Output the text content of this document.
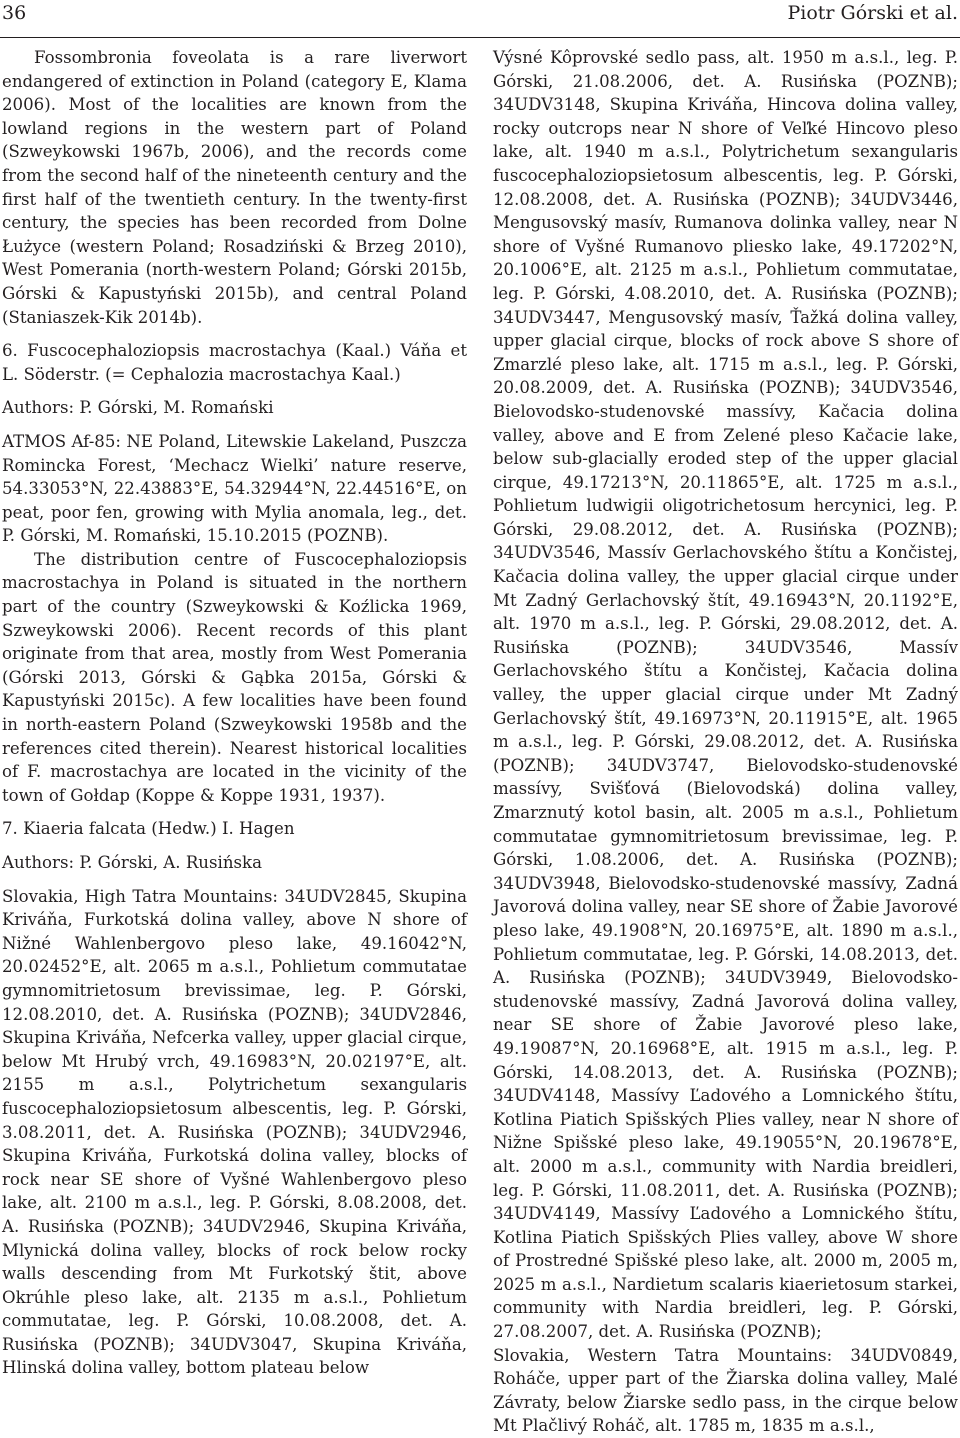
36	Piotr Górski et al.

Fossombronia foveolata is a rare liverwort endangered of extinction in Poland (category E, Klama 2006). Most of the localities are known from the lowland regions in the western part of Poland (Szweykowski 1967b, 2006), and the records come from the second half of the nineteenth century and the first half of the twentieth century. In the twenty-first century, the species has been recorded from Dolne Łużyce (western Poland; Rosadziński & Brzeg 2010), West Pomerania (north-western Poland; Górski 2015b, Górski & Kapustyński 2015b), and central Poland (Staniaszek-Kik 2014b).

6. Fuscocephaloziopsis macrostachya (Kaal.) Váňa et L. Söderstr. (= Cephalozia macrostachya Kaal.)

Authors: P. Górski, M. Romański

ATMOS Af-85: NE Poland, Litewskie Lakeland, Puszcza Romincka Forest, ‘Mechacz Wielki’ nature reserve, 54.33053°N, 22.43883°E, 54.32944°N, 22.44516°E, on peat, poor fen, growing with Mylia anomala, leg., det. P. Górski, M. Romański, 15.10.2015 (POZNB).

The distribution centre of Fuscocephaloziopsis macrostachya in Poland is situated in the northern part of the country (Szweykowski & Koźlicka 1969, Szweykowski 2006). Recent records of this plant originate from that area, mostly from West Pomerania (Górski 2013, Górski & Gąbka 2015a, Górski & Kapustyński 2015c). A few localities have been found in north-eastern Poland (Szweykowski 1958b and the references cited therein). Nearest historical localities of F. macrostachya are located in the vicinity of the town of Gołdap (Koppe & Koppe 1931, 1937).

7. Kiaeria falcata (Hedw.) I. Hagen

Authors: P. Górski, A. Rusińska

Slovakia, High Tatra Mountains: 34UDV2845, Skupina Kriváňa, Furkotská dolina valley, above N shore of Nižné Wahlenbergovo pleso lake, 49.16042°N, 20.02452°E, alt. 2065 m a.s.l., Pohlietum commutatae gymnomitrietosum brevissimae, leg. P. Górski, 12.08.2010, det. A. Rusińska (POZNB); 34UDV2846, Skupina Kriváňa, Nefcerka valley, upper glacial cirque, below Mt Hrubý vrch, 49.16983°N, 20.02197°E, alt. 2155 m a.s.l., Polytrichetum sexangularis fuscocephaloziopsietosum albescentis, leg. P. Górski, 3.08.2011, det. A. Rusińska (POZNB); 34UDV2946, Skupina Kriváňa, Furkotská dolina valley, blocks of rock near SE shore of Vyšné Wahlenbergovo pleso lake, alt. 2100 m a.s.l., leg. P. Górski, 8.08.2008, det. A. Rusińska (POZNB); 34UDV2946, Skupina Kriváňa, Mlynická dolina valley, blocks of rock below rocky walls descending from Mt Furkotský štit, above Okrúhle pleso lake, alt. 2135 m a.s.l., Pohlietum commutatae, leg. P. Górski, 10.08.2008, det. A. Rusińska (POZNB); 34UDV3047, Skupina Kriváňa, Hlinská dolina valley, bottom plateau below

Výsné Kôprovské sedlo pass, alt. 1950 m a.s.l., leg. P. Górski, 21.08.2006, det. A. Rusińska (POZNB); 34UDV3148, Skupina Kriváňa, Hincova dolina valley, rocky outcrops near N shore of Veľké Hincovo pleso lake, alt. 1940 m a.s.l., Polytrichetum sexangularis fuscocephaloziopsietosum albescentis, leg. P. Górski, 12.08.2008, det. A. Rusińska (POZNB); 34UDV3446, Mengusovský masív, Rumanova dolinka valley, near N shore of Vyšné Rumanovo pliesko lake, 49.17202°N, 20.1006°E, alt. 2125 m a.s.l., Pohlietum commutatae, leg. P. Górski, 4.08.2010, det. A. Rusińska (POZNB); 34UDV3447, Mengusovský masív, Ťažká dolina valley, upper glacial cirque, blocks of rock above S shore of Zmarzlé pleso lake, alt. 1715 m a.s.l., leg. P. Górski, 20.08.2009, det. A. Rusińska (POZNB); 34UDV3546, Bielovodsko-studenovské massívy, Kačacia dolina valley, above and E from Zelené pleso Kačacie lake, below sub-glacially eroded step of the upper glacial cirque, 49.17213°N, 20.11865°E, alt. 1725 m a.s.l., Pohlietum ludwigii oligotrichetosum hercynici, leg. P. Górski, 29.08.2012, det. A. Rusińska (POZNB); 34UDV3546, Massív Gerlachovského štítu a Končistej, Kačacia dolina valley, the upper glacial cirque under Mt Zadný Gerlachovský štít, 49.16943°N, 20.1192°E, alt. 1970 m a.s.l., leg. P. Górski, 29.08.2012, det. A. Rusińska (POZNB); 34UDV3546, Massív Gerlachovského štítu a Končistej, Kačacia dolina valley, the upper glacial cirque under Mt Zadný Gerlachovský štít, 49.16973°N, 20.11915°E, alt. 1965 m a.s.l., leg. P. Górski, 29.08.2012, det. A. Rusińska (POZNB); 34UDV3747, Bielovodsko-studenovské massívy, Svišťová (Bielovodská) dolina valley, Zmarznutý kotol basin, alt. 2005 m a.s.l., Pohlietum commutatae gymnomitrietosum brevissimae, leg. P. Górski, 1.08.2006, det. A. Rusińska (POZNB); 34UDV3948, Bielovodsko-studenovské massívy, Zadná Javorová dolina valley, near SE shore of Žabie Javorové pleso lake, 49.1908°N, 20.16975°E, alt. 1890 m a.s.l., Pohlietum commutatae, leg. P. Górski, 14.08.2013, det. A. Rusińska (POZNB); 34UDV3949, Bielovodsko-studenovské massívy, Zadná Javorová dolina valley, near SE shore of Žabie Javorové pleso lake, 49.19087°N, 20.16968°E, alt. 1915 m a.s.l., leg. P. Górski, 14.08.2013, det. A. Rusińska (POZNB); 34UDV4148, Massívy Ľadového a Lomnického štítu, Kotlina Piatich Spišských Plies valley, near N shore of Nižne Spišské pleso lake, 49.19055°N, 20.19678°E, alt. 2000 m a.s.l., community with Nardia breidleri, leg. P. Górski, 11.08.2011, det. A. Rusińska (POZNB); 34UDV4149, Massívy Ľadového a Lomnického štítu, Kotlina Piatich Spišských Plies valley, above W shore of Prostredné Spišské pleso lake, alt. 2000 m, 2005 m, 2025 m a.s.l., Nardietum scalaris kiaerietosum starkei, community with Nardia breidleri, leg. P. Górski, 27.08.2007, det. A. Rusińska (POZNB);

Slovakia, Western Tatra Mountains: 34UDV0849, Roháče, upper part of the Žiarska dolina valley, Malé Závraty, below Žiarske sedlo pass, in the cirque below Mt Plačlivý Roháč, alt. 1785 m, 1835 m a.s.l.,
